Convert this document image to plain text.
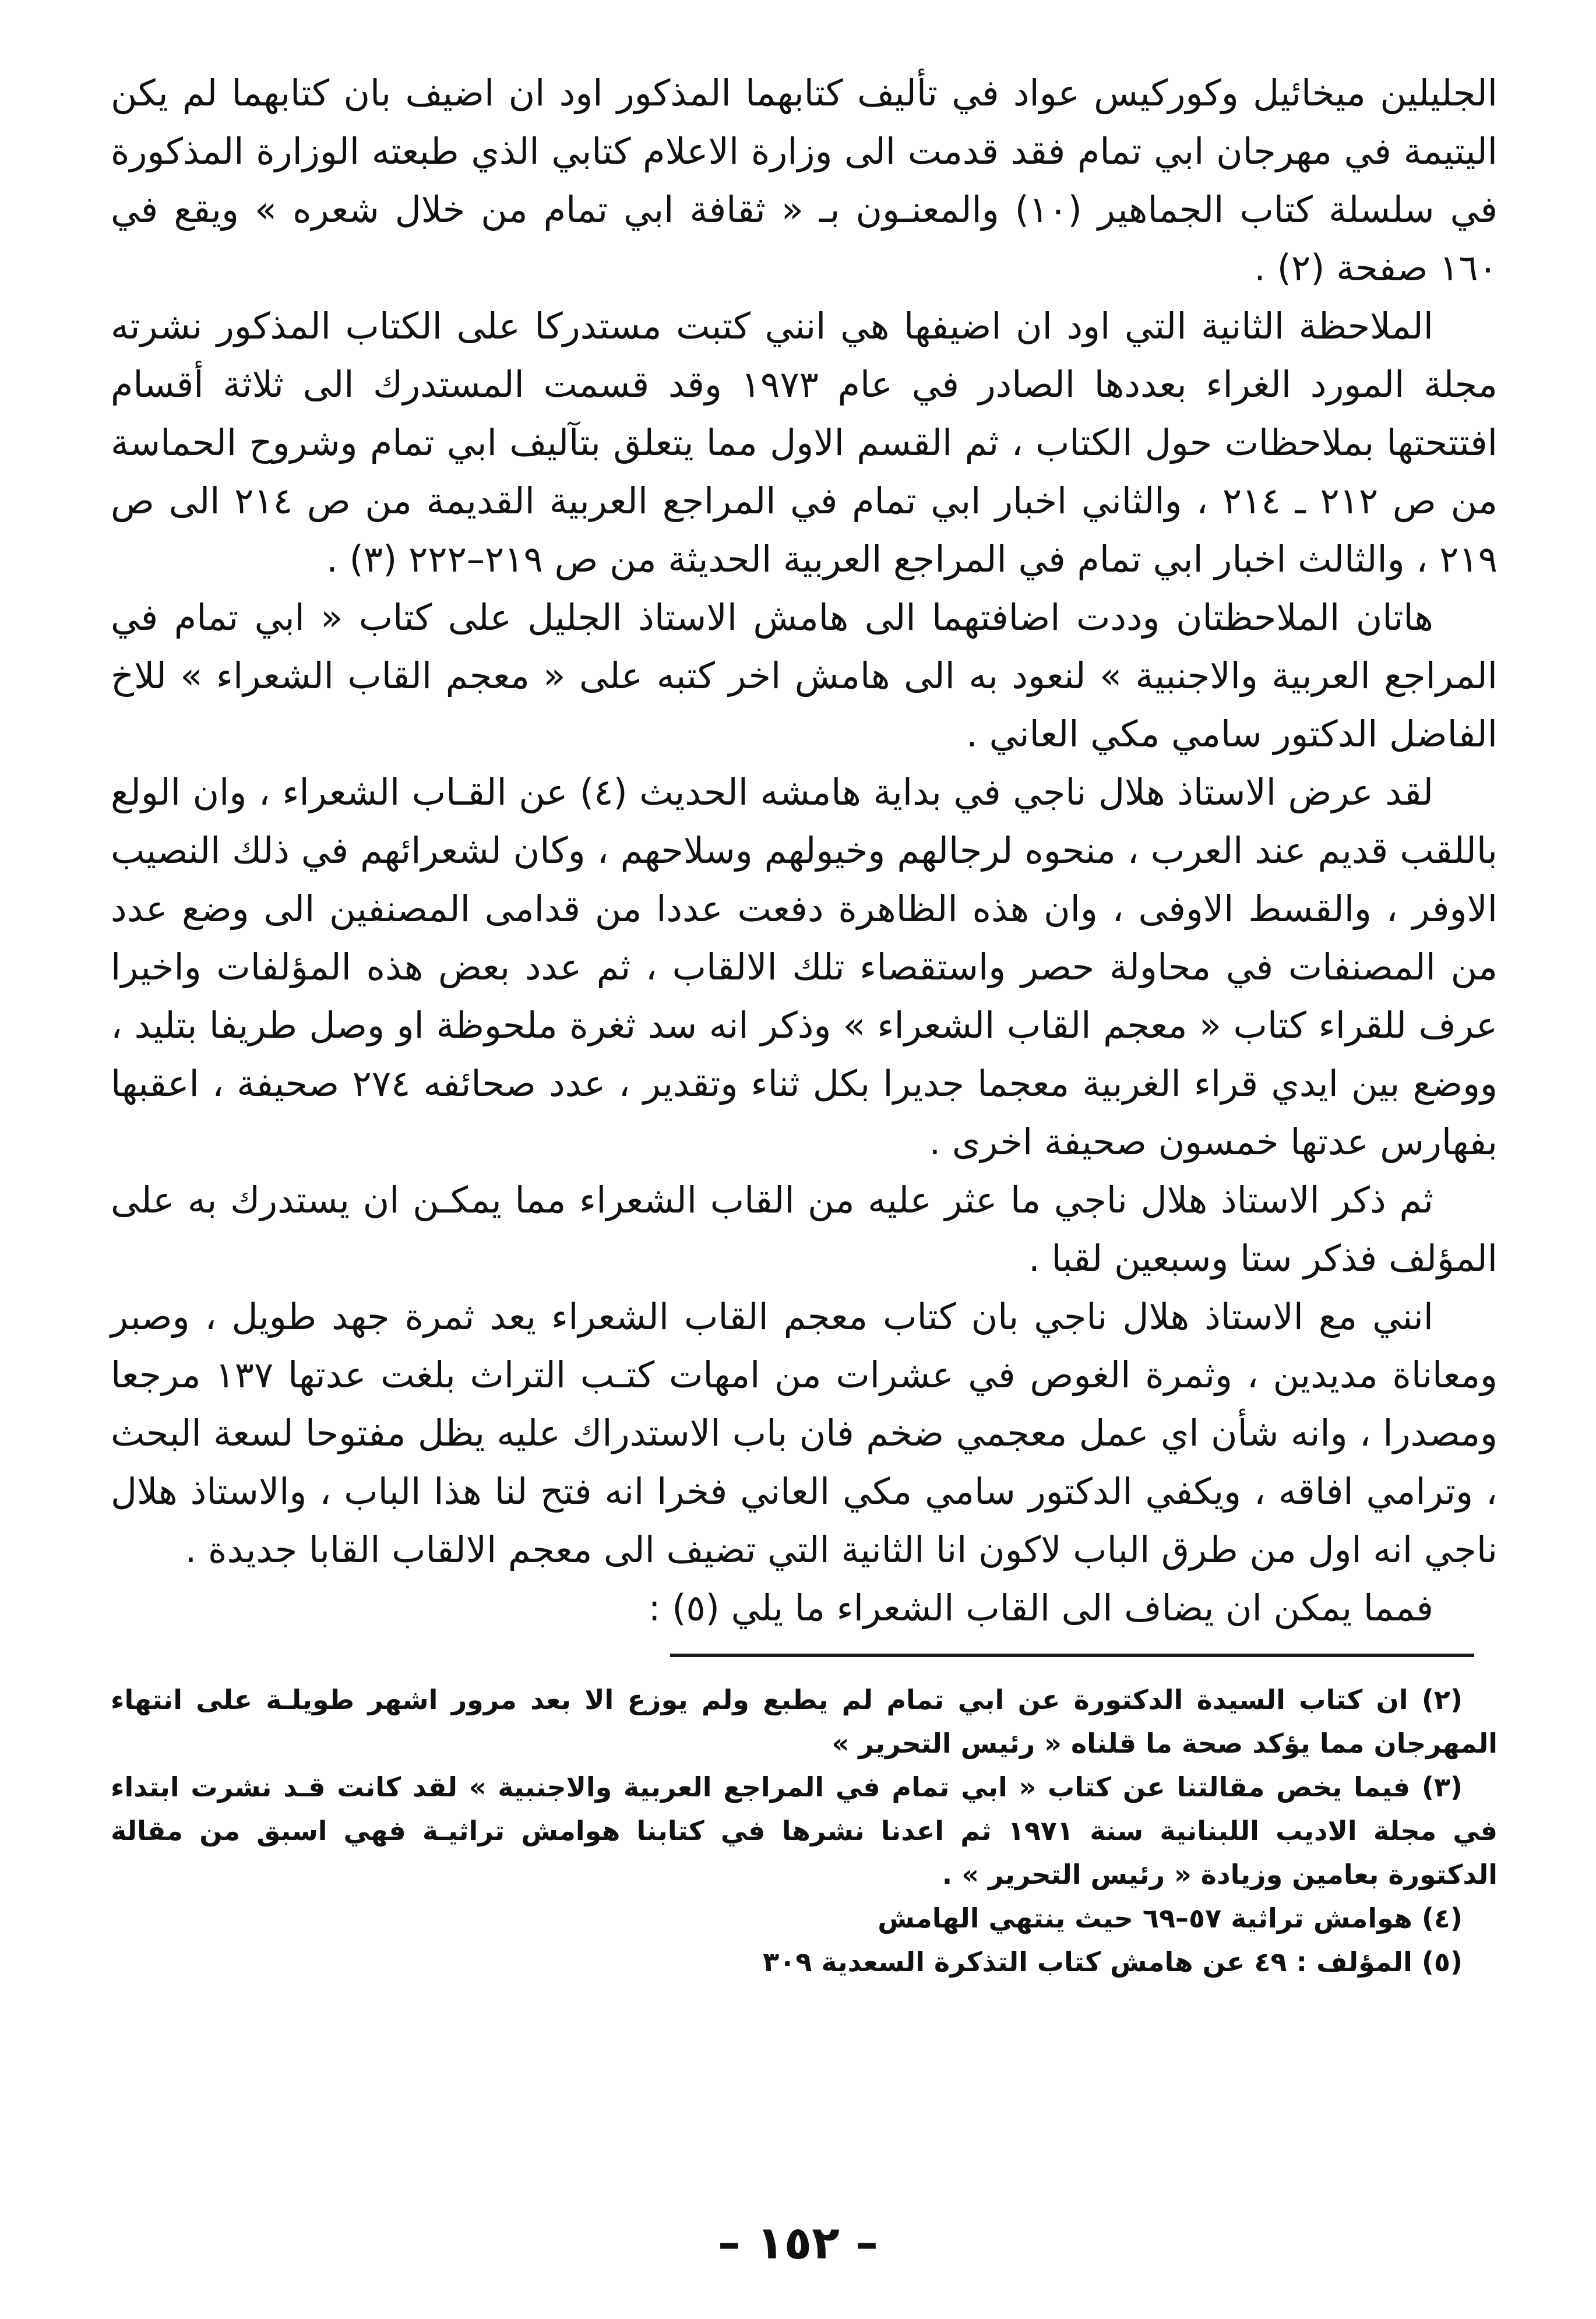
الجليلين ميخائيل وكوركيس عواد في تأليف كتابهما المذكور اود ان اضيف بان كتابهما لم يكن اليتيمة في مهرجان ابي تمام فقد قدمت الى وزارة الاعلام كتابي الذي طبعته الوزارة المذكورة في سلسلة كتاب الجماهير (١٠) والمعنـون بـ « ثقافة ابي تمام من خلال شعره » ويقع في ١٦٠ صفحة (٢) .

الملاحظة الثانية التي اود ان اضيفها هي انني كتبت مستدركا على الكتاب المذكور نشرته مجلة المورد الغراء بعددها الصادر في عام ١٩٧٣ وقد قسمت المستدرك الى ثلاثة أقسام افتتحتها بملاحظات حول الكتاب ، ثم القسم الاول مما يتعلق بتآليف ابي تمام وشروح الحماسة من ص ٢١٢ ـ ٢١٤ ، والثاني اخبار ابي تمام في المراجع العربية القديمة من ص ٢١٤ الى ص ٢١٩ ، والثالث اخبار ابي تمام في المراجع العربية الحديثة من ص ٢١٩–٢٢٢ (٣) .

هاتان الملاحظتان وددت اضافتهما الى هامش الاستاذ الجليل على كتاب « ابي تمام في المراجع العربية والاجنبية » لنعود به الى هامش اخر كتبه على « معجم القاب الشعراء » للاخ الفاضل الدكتور سامي مكي العاني .

لقد عرض الاستاذ هلال ناجي في بداية هامشه الحديث (٤) عن القـاب الشعراء ، وان الولع باللقب قديم عند العرب ، منحوه لرجالهم وخيولهم وسلاحهم ، وكان لشعرائهم في ذلك النصيب الاوفر ، والقسط الاوفى ، وان هذه الظاهرة دفعت عددا من قدامى المصنفين الى وضع عدد من المصنفات في محاولة حصر واستقصاء تلك الالقاب ، ثم عدد بعض هذه المؤلفات واخيرا عرف للقراء كتاب « معجم القاب الشعراء » وذكر انه سد ثغرة ملحوظة او وصل طريفا بتليد ، ووضع بين ايدي قراء الغربية معجما جديرا بكل ثناء وتقدير ، عدد صحائفه ٢٧٤ صحيفة ، اعقبها بفهارس عدتها خمسون صحيفة اخرى .

ثم ذكر الاستاذ هلال ناجي ما عثر عليه من القاب الشعراء مما يمكـن ان يستدرك به على المؤلف فذكر ستا وسبعين لقبا .

انني مع الاستاذ هلال ناجي بان كتاب معجم القاب الشعراء يعد ثمرة جهد طويل ، وصبر ومعاناة مديدين ، وثمرة الغوص في عشرات من امهات كتـب التراث بلغت عدتها ١٣٧ مرجعا ومصدرا ، وانه شأن اي عمل معجمي ضخم فان باب الاستدراك عليه يظل مفتوحا لسعة البحث ، وترامي افاقه ، ويكفي الدكتور سامي مكي العاني فخرا انه فتح لنا هذا الباب ، والاستاذ هلال ناجي انه اول من طرق الباب لاكون انا الثانية التي تضيف الى معجم الالقاب القابا جديدة .

فمما يمكن ان يضاف الى القاب الشعراء ما يلي (٥) :

(٢) ان كتاب السيدة الدكتورة عن ابي تمام لم يطبع ولم يوزع الا بعد مرور اشهر طويلـة على انتهاء المهرجان مما يؤكد صحة ما قلناه « رئيس التحرير »

(٣) فيما يخص مقالتنا عن كتاب « ابي تمام في المراجع العربية والاجنبية » لقد كانت قـد نشرت ابتداء في مجلة الاديب اللبنانية سنة ١٩٧١ ثم اعدنا نشرها في كتابنا هوامش تراثيـة فهي اسبق من مقالة الدكتورة بعامين وزيادة « رئيس التحرير » .

(٤) هوامش تراثية ٥٧–٦٩ حيث ينتهي الهامش

(٥) المؤلف : ٤٩ عن هامش كتاب التذكرة السعدية ٣٠٩

– ١٥٢ –
